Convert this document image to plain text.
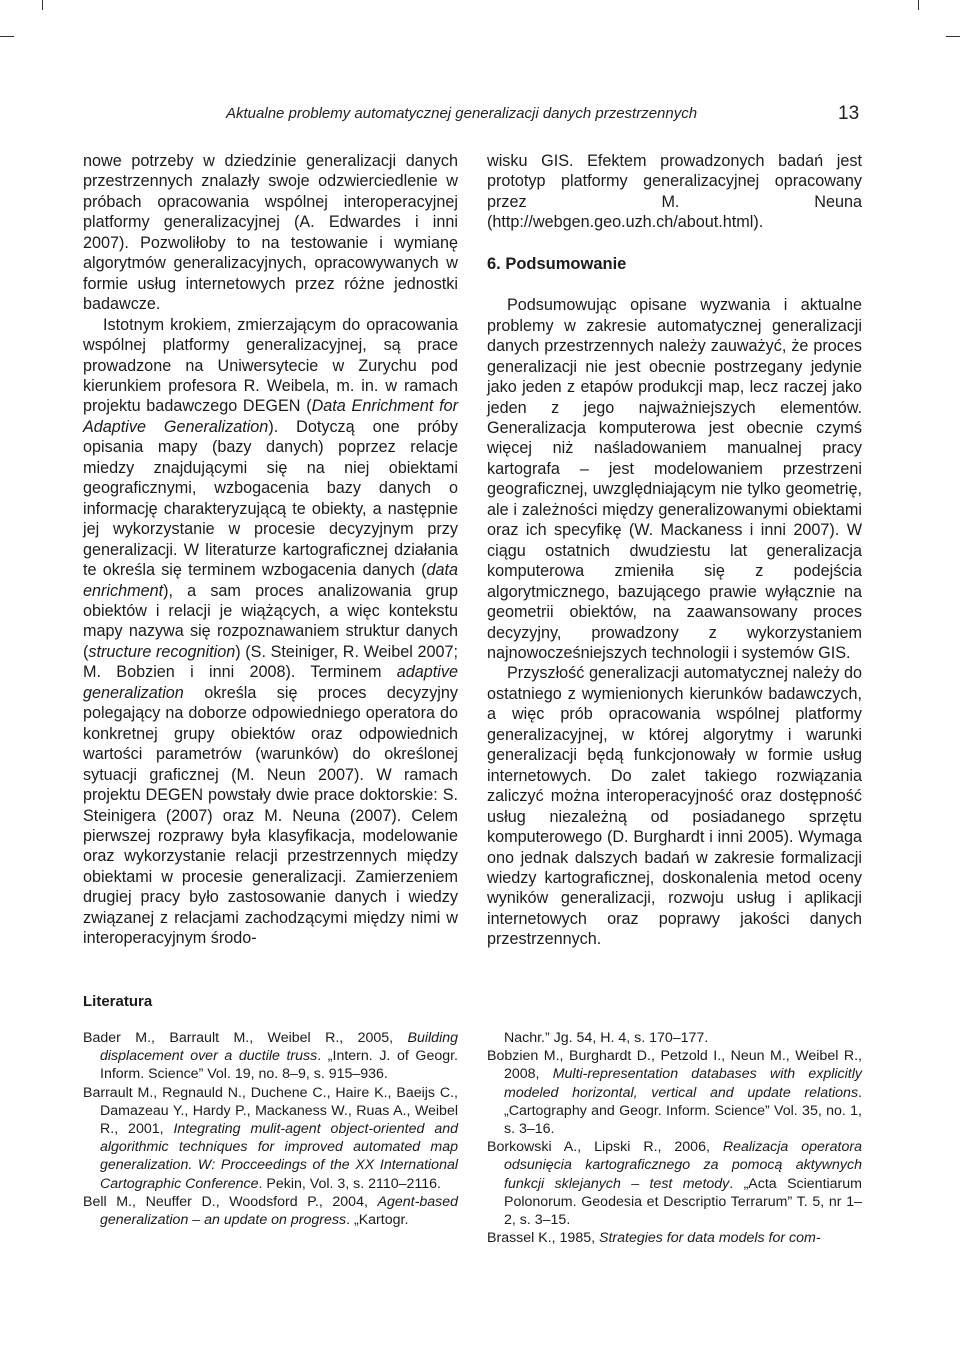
Aktualne problemy automatycznej generalizacji danych przestrzennych	13

nowe potrzeby w dziedzinie generalizacji danych przestrzennych znalazły swoje odzwierciedlenie w próbach opracowania wspólnej interoperacyjnej platformy generalizacyjnej (A. Edwardes i inni 2007). Pozwoliłoby to na testowanie i wymianę algorytmów generalizacyjnych, opracowywanych w formie usług internetowych przez różne jednostki badawcze.

Istotnym krokiem, zmierzającym do opracowania wspólnej platformy generalizacyjnej, są prace prowadzone na Uniwersytecie w Zurychu pod kierunkiem profesora R. Weibela, m. in. w ramach projektu badawczego DEGEN (Data Enrichment for Adaptive Generalization). Dotyczą one próby opisania mapy (bazy danych) poprzez relacje miedzy znajdującymi się na niej obiektami geograficznymi, wzbogacenia bazy danych o informację charakteryzującą te obiekty, a następnie jej wykorzystanie w procesie decyzyjnym przy generalizacji. W literaturze kartograficznej działania te określa się terminem wzbogacenia danych (data enrichment), a sam proces analizowania grup obiektów i relacji je wiążących, a więc kontekstu mapy nazywa się rozpoznawaniem struktur danych (structure recognition) (S. Steiniger, R. Weibel 2007; M. Bobzien i inni 2008). Terminem adaptive generalization określa się proces decyzyjny polegający na doborze odpowiedniego operatora do konkretnej grupy obiektów oraz odpowiednich wartości parametrów (warunków) do określonej sytuacji graficznej (M. Neun 2007). W ramach projektu DEGEN powstały dwie prace doktorskie: S. Steinigera (2007) oraz M. Neuna (2007). Celem pierwszej rozprawy była klasyfikacja, modelowanie oraz wykorzystanie relacji przestrzennych między obiektami w procesie generalizacji. Zamierzeniem drugiej pracy było zastosowanie danych i wiedzy związanej z relacjami zachodzącymi między nimi w interoperacyjnym środo-

wisku GIS. Efektem prowadzonych badań jest prototyp platformy generalizacyjnej opracowany przez M. Neuna (http://webgen.geo.uzh.ch/about.html).

6. Podsumowanie

Podsumowując opisane wyzwania i aktualne problemy w zakresie automatycznej generalizacji danych przestrzennych należy zauważyć, że proces generalizacji nie jest obecnie postrzegany jedynie jako jeden z etapów produkcji map, lecz raczej jako jeden z jego najważniejszych elementów. Generalizacja komputerowa jest obecnie czymś więcej niż naśladowaniem manualnej pracy kartografa – jest modelowaniem przestrzeni geograficznej, uwzględniającym nie tylko geometrię, ale i zależności między generalizowanymi obiektami oraz ich specyfikę (W. Mackaness i inni 2007). W ciągu ostatnich dwudziestu lat generalizacja komputerowa zmieniła się z podejścia algorytmicznego, bazującego prawie wyłącznie na geometrii obiektów, na zaawansowany proces decyzyjny, prowadzony z wykorzystaniem najnowocześniejszych technologii i systemów GIS.

Przyszłość generalizacji automatycznej należy do ostatniego z wymienionych kierunków badawczych, a więc prób opracowania wspólnej platformy generalizacyjnej, w której algorytmy i warunki generalizacji będą funkcjonowały w formie usług internetowych. Do zalet takiego rozwiązania zaliczyć można interoperacyjność oraz dostępność usług niezależną od posiadanego sprzętu komputerowego (D. Burghardt i inni 2005). Wymaga ono jednak dalszych badań w zakresie formalizacji wiedzy kartograficznej, doskonalenia metod oceny wyników generalizacji, rozwoju usług i aplikacji internetowych oraz poprawy jakości danych przestrzennych.

Literatura

Bader M., Barrault M., Weibel R., 2005, Building displacement over a ductile truss. „Intern. J. of Geogr. Inform. Science” Vol. 19, no. 8–9, s. 915–936.

Barrault M., Regnauld N., Duchene C., Haire K., Baeijs C., Damazeau Y., Hardy P., Mackaness W., Ruas A., Weibel R., 2001, Integrating mulit-agent object-oriented and algorithmic techniques for improved automated map generalization. W: Procceedings of the XX International Cartographic Conference. Pekin, Vol. 3, s. 2110–2116.

Bell M., Neuffer D., Woodsford P., 2004, Agent-based generalization – an update on progress. „Kartogr.

Nachr.” Jg. 54, H. 4, s. 170–177.

Bobzien M., Burghardt D., Petzold I., Neun M., Weibel R., 2008, Multi-representation databases with explicitly modeled horizontal, vertical and update relations. „Cartography and Geogr. Inform. Science” Vol. 35, no. 1, s. 3–16.

Borkowski A., Lipski R., 2006, Realizacja operatora odsunięcia kartograficznego za pomocą aktywnych funkcji sklejanych – test metody. „Acta Scientiarum Polonorum. Geodesia et Descriptio Terrarum” T. 5, nr 1–2, s. 3–15.

Brassel K., 1985, Strategies for data models for com-
